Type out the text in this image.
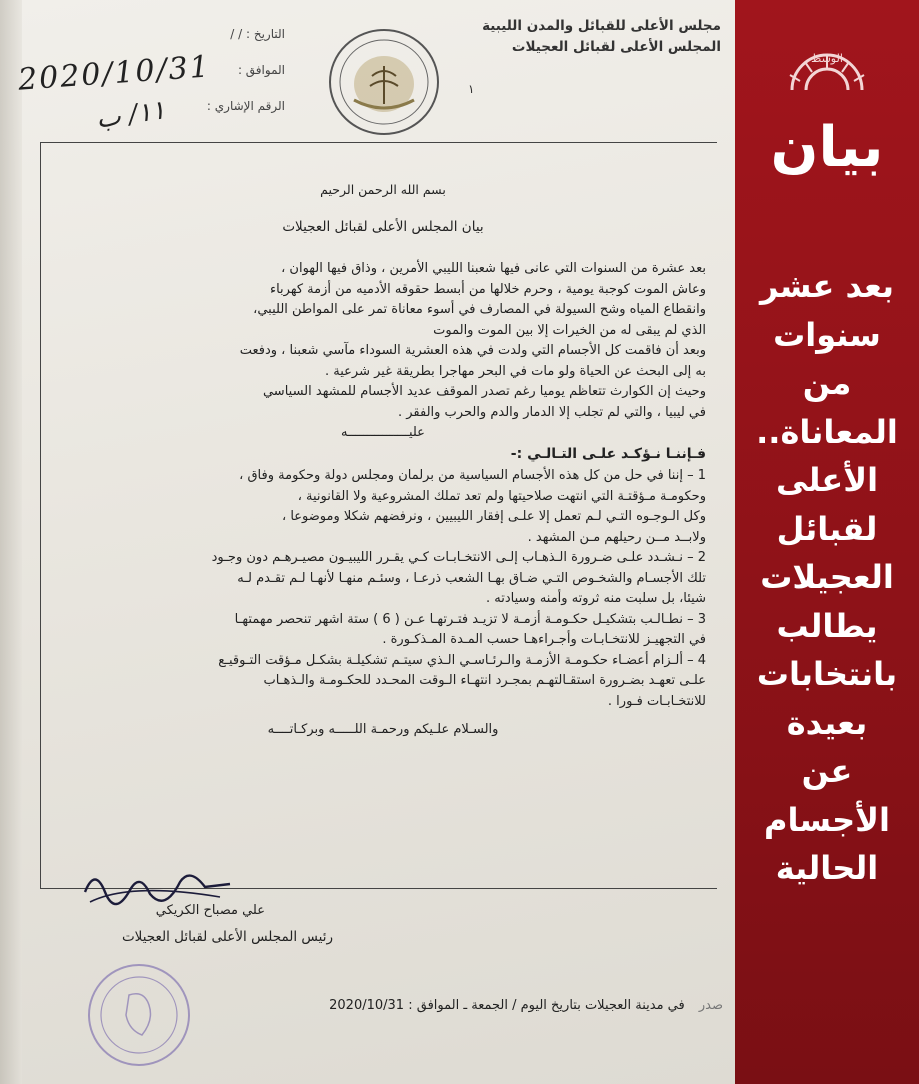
مجلس الأعلى للقبائل والمدن الليبية
المجلس الأعلى لقبائل العجيلات
التاريخ : / /
الموافق :
الرقم الإشاري :
١
2020/10/31
١١/ ب
بسم الله الرحمن الرحيم
بيان المجلس الأعلى لقبائل العجيلات

بعد عشرة من السنوات التي عانى فيها شعبنا الليبي الأمرين ، وذاق فيها الهوان ،

وعاش الموت كوجبة يومية ، وحرم خلالها من أبسط حقوقه الأدميه من أزمة كهرباء

وانقطاع المياه وشح السيولة في المصارف في أسوء معاناة تمر على المواطن الليبي،

الذي لم يبقى له من الخيرات إلا بين الموت والموت

وبعد أن فاقمت كل الأجسام التي ولدت في هذه العشرية السوداء مآسي شعبنا ، ودفعت

به إلى البحث عن الحياة ولو مات في البحر مهاجرا بطريقة غير شرعية .

وحيث إن الكوارث تتعاظم يوميا رغم تصدر الموقف عديد الأجسام للمشهد السياسي

في ليبيا ، والتي لم تجلب إلا الدمار والدم والحرب والفقر .

عليــــــــــــــــه
فـإننـا نـؤكـد علـى التـالـي :-

1 – إننا في حل من كل هذه الأجسام السياسية من برلمان ومجلس دولة وحكومة وفاق ،

وحكومـة مـؤقتـة التي انتهت صلاحيتها ولم تعد تملك المشروعية ولا القانونية ،

وكل الـوجـوه التـي لـم تعمل إلا علـى إفقار الليبيين ، ونرفضهم شكلا وموضوعا ،

ولابــد مــن رحيلهم مـن المشهد .

2 – نـشـدد علـى ضـرورة الـذهـاب إلـى الانتخـابـات كـي يقـرر الليبيـون مصيـرهـم دون وجـود

تلك الأجسـام والشخـوص التـي ضـاق بهـا الشعب ذرعـا ، وسئـم منهـا لأنهـا لـم تقـدم لـه

شيئا، بل سلبت منه ثروته وأمنه وسيادته .

3 – نطـالـب بتشكيـل حكـومـة أزمـة لا تزيـد فتـرتهـا عـن ( 6 ) ستة اشهر تنحصر مهمتهـا

في التجهيـز للانتخـابـات وأجـراءهـا حسب المـدة المـذكـورة .

4 – ألـزام أعضـاء حكـومـة الأزمـة والـرئـاسـي الـذي سيتـم تشكيلـة بشكـل مـؤقت التـوقيـع

علـى تعهـد بضـرورة استقـالتهـم بمجـرد انتهـاء الـوقت المحـدد للحكـومـة والـذهـاب

للانتخـابـات فـورا .

والسـلام علـيكم ورحمـة اللـــــه وبركـاتــــه
علي مصباح الكريكي
رئيس المجلس الأعلى لقبائل العجيلات
صدر في مدينة العجيلات بتاريخ اليوم / الجمعة ـ الموافق : 2020/10/31
الوسط
بيان
بعد عشر
سنوات
من
المعاناة..
الأعلى
لقبائل
العجيلات
يطالب
بانتخابات
بعيدة
عن
الأجسام
الحالية
